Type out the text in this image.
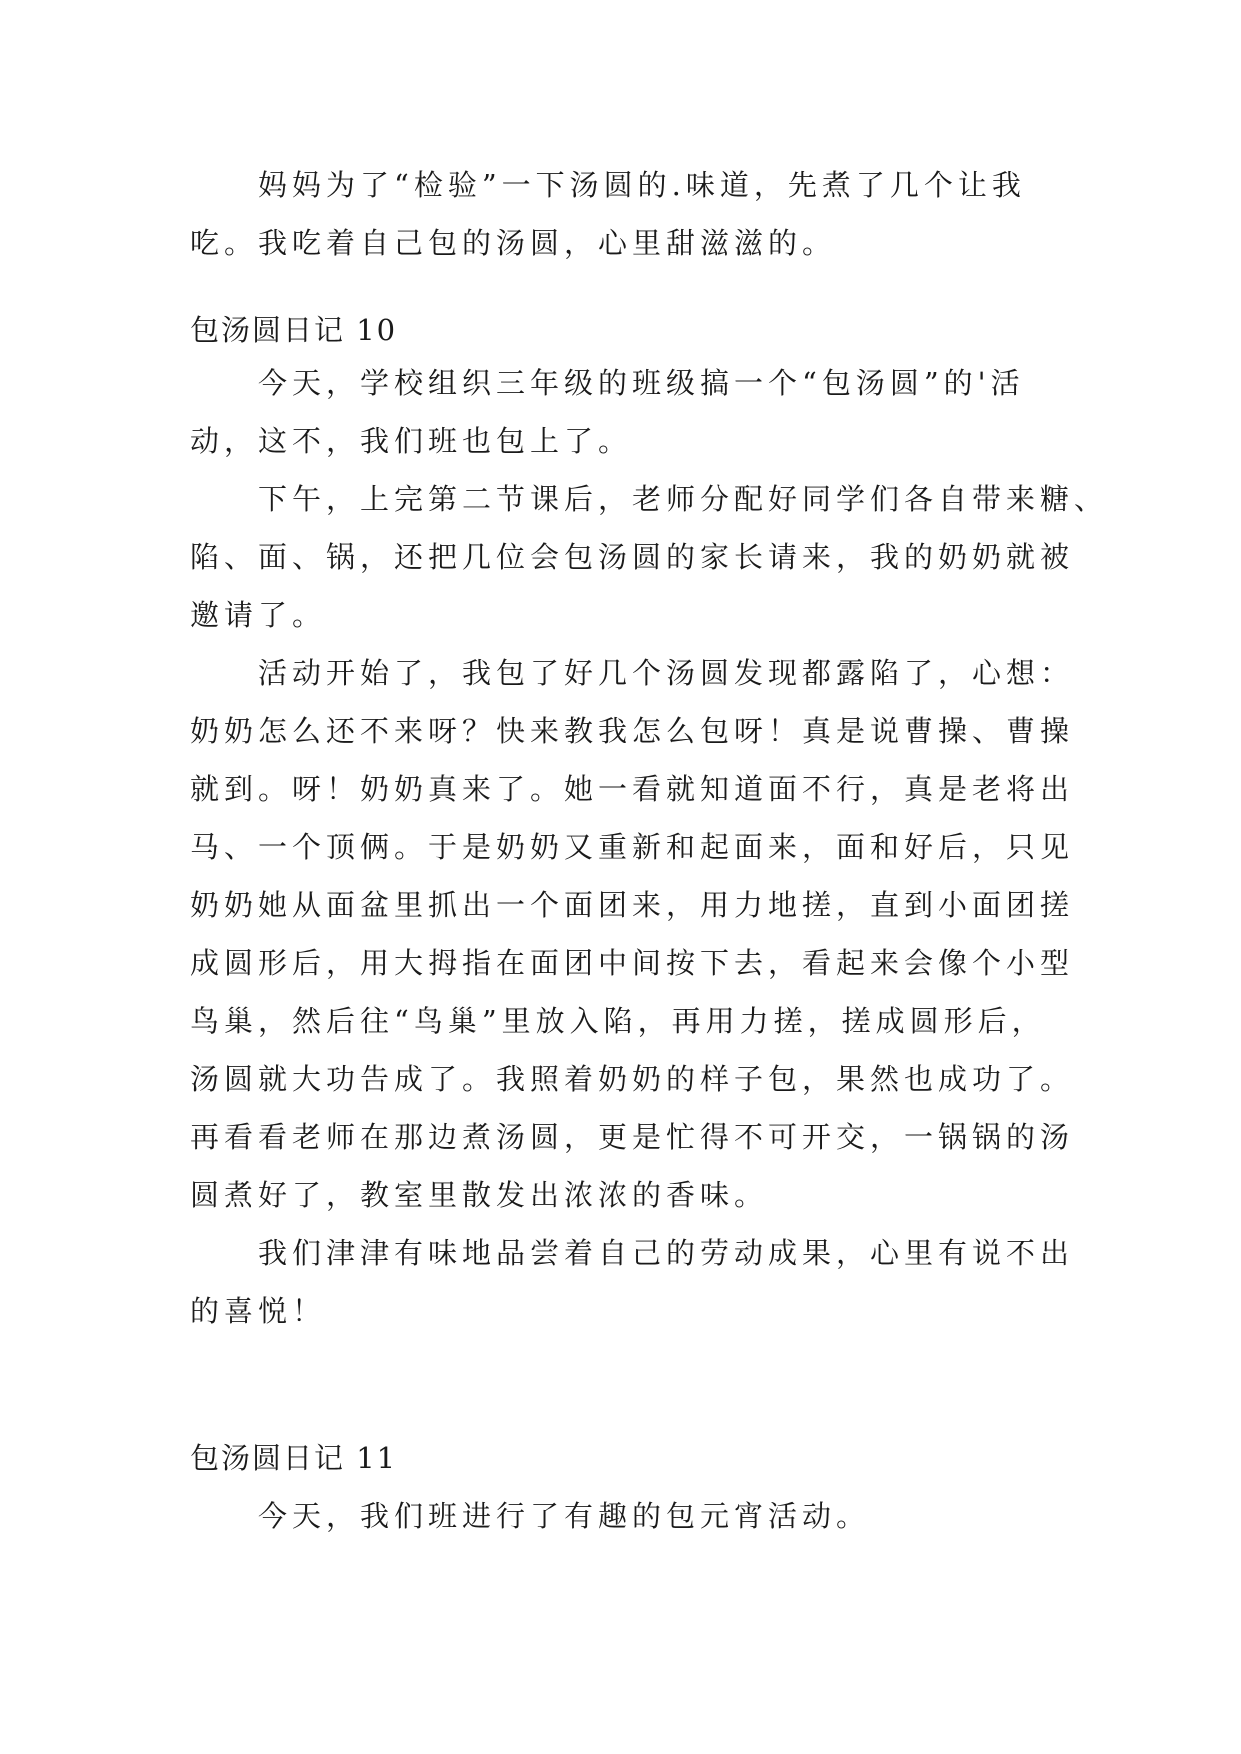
妈妈为了“检验”一下汤圆的.味道，先煮了几个让我
吃。我吃着自己包的汤圆，心里甜滋滋的。

包汤圆日记 10

今天，学校组织三年级的班级搞一个“包汤圆”的'活
动，这不，我们班也包上了。

下午，上完第二节课后，老师分配好同学们各自带来糖、
陷、面、锅，还把几位会包汤圆的家长请来，我的奶奶就被
邀请了。

活动开始了，我包了好几个汤圆发现都露陷了，心想：
奶奶怎么还不来呀？快来教我怎么包呀！真是说曹操、曹操
就到。呀！奶奶真来了。她一看就知道面不行，真是老将出
马、一个顶俩。于是奶奶又重新和起面来，面和好后，只见
奶奶她从面盆里抓出一个面团来，用力地搓，直到小面团搓
成圆形后，用大拇指在面团中间按下去，看起来会像个小型
鸟巢，然后往“鸟巢”里放入陷，再用力搓，搓成圆形后，
汤圆就大功告成了。我照着奶奶的样子包，果然也成功了。
再看看老师在那边煮汤圆，更是忙得不可开交，一锅锅的汤
圆煮好了，教室里散发出浓浓的香味。

我们津津有味地品尝着自己的劳动成果，心里有说不出
的喜悦！

包汤圆日记 11

今天，我们班进行了有趣的包元宵活动。
